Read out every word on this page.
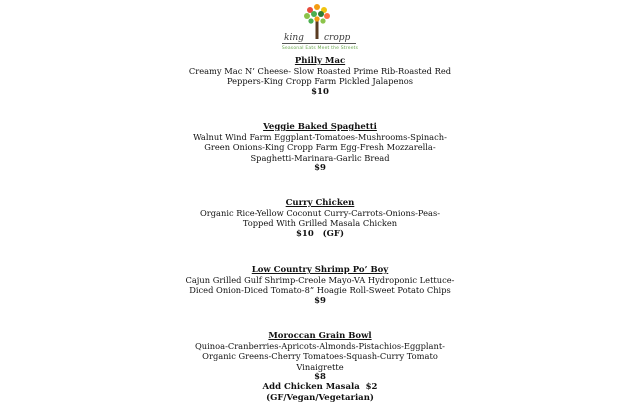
king cropp
Seasonal Eats Meet the Streets
Philly Mac
Creamy Mac N’ Cheese- Slow Roasted Prime Rib-Roasted Red Peppers-King Cropp Farm Pickled Jalapenos
$10
Veggie Baked Spaghetti
Walnut Wind Farm Eggplant-Tomatoes-Mushrooms-Spinach-Green Onions-King Cropp Farm Egg-Fresh Mozzarella-Spaghetti-Marinara-Garlic Bread
$9
Curry Chicken
Organic Rice-Yellow Coconut Curry-Carrots-Onions-Peas-Topped With Grilled Masala Chicken
$10   (GF)
Low Country Shrimp Po’ Boy
Cajun Grilled Gulf Shrimp-Creole Mayo-VA Hydroponic Lettuce-Diced Onion-Diced Tomato-8” Hoagie Roll-Sweet Potato Chips
$9
Moroccan Grain Bowl
Quinoa-Cranberries-Apricots-Almonds-Pistachios-Eggplant-Organic Greens-Cherry Tomatoes-Squash-Curry Tomato Vinaigrette
$8
Add Chicken Masala  $2
(GF/Vegan/Vegetarian)
